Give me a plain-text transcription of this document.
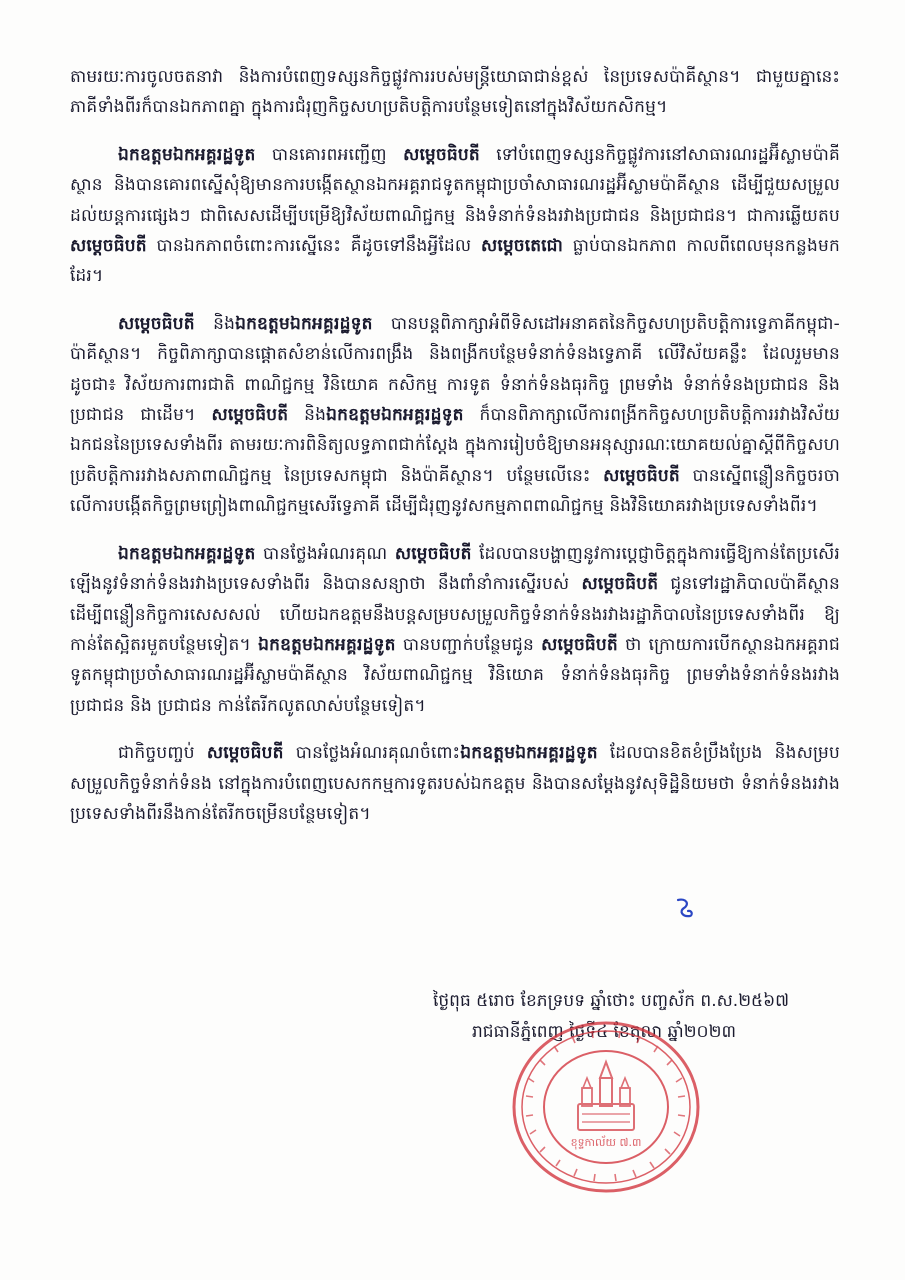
តាមរយៈការចូលចតនាវា និងការបំពេញទស្សនកិច្ចផ្លូវការរបស់មន្ត្រីយោធាជាន់ខ្ពស់ នៃប្រទេសប៉ាគីស្ថាន។ ជាមួយគ្នានេះ ភាគីទាំងពីរក៏បានឯកភាពគ្នា ក្នុងការជំរុញកិច្ចសហប្រតិបត្តិការបន្ថែមទៀតនៅក្នុងវិស័យកសិកម្ម។

ឯកឧត្តមឯកអគ្គរដ្ឋទូត បានគោរពអញ្ជើញ សម្តេចធិបតី ទៅបំពេញទស្សនកិច្ចផ្លូវការនៅសាធារណរដ្ឋអ៊ីស្លាមប៉ាគីស្ថាន និងបានគោរពស្នើសុំឱ្យមានការបង្កើតស្ថានឯកអគ្គរាជទូតកម្ពុជាប្រចាំសាធារណរដ្ឋអ៊ីស្លាមប៉ាគីស្ថាន ដើម្បីជួយសម្រួលដល់យន្តការផ្សេងៗ ជាពិសេសដើម្បីបម្រើឱ្យវិស័យពាណិជ្ជកម្ម និងទំនាក់ទំនងរវាងប្រជាជន និងប្រជាជន។ ជាការឆ្លើយតប សម្តេចធិបតី បានឯកភាពចំពោះការស្នើនេះ គឺដូចទៅនឹងអ្វីដែល សម្តេចតេជោ ធ្លាប់បានឯកភាព កាលពីពេលមុនកន្លងមកដែរ។

សម្តេចធិបតី និងឯកឧត្តមឯកអគ្គរដ្ឋទូត បានបន្តពិភាក្សាអំពីទិសដៅអនាគតនៃកិច្ចសហប្រតិបត្តិការទ្វេភាគីកម្ពុជា-ប៉ាគីស្ថាន។ កិច្ចពិភាក្សាបានផ្តោតសំខាន់លើការពង្រឹង និងពង្រីកបន្ថែមទំនាក់ទំនងទ្វេភាគី លើវិស័យគន្លឹះ ដែលរួមមាន ដូចជា៖ វិស័យការពារជាតិ ពាណិជ្ជកម្ម វិនិយោគ កសិកម្ម ការទូត ទំនាក់ទំនងធុរកិច្ច ព្រមទាំង ទំនាក់ទំនងប្រជាជន និងប្រជាជន ជាដើម។ សម្តេចធិបតី និងឯកឧត្តមឯកអគ្គរដ្ឋទូត ក៏បានពិភាក្សាលើការពង្រីកកិច្ចសហប្រតិបត្តិការរវាងវិស័យឯកជននៃប្រទេសទាំងពីរ តាមរយៈការពិនិត្យលទ្ធភាពជាក់ស្តែង ក្នុងការរៀបចំឱ្យមានអនុស្សារណៈយោគយល់គ្នាស្តីពីកិច្ចសហប្រតិបត្តិការរវាងសភាពាណិជ្ជកម្ម នៃប្រទេសកម្ពុជា និងប៉ាគីស្ថាន។ បន្ថែមលើនេះ សម្តេចធិបតី បានស្នើពន្លឿនកិច្ចចរចាលើការបង្កើតកិច្ចព្រមព្រៀងពាណិជ្ជកម្មសេរីទ្វេភាគី ដើម្បីជំរុញនូវសកម្មភាពពាណិជ្ជកម្ម និងវិនិយោគរវាងប្រទេសទាំងពីរ។

ឯកឧត្តមឯកអគ្គរដ្ឋទូត បានថ្លែងអំណរគុណ សម្តេចធិបតី ដែលបានបង្ហាញនូវការប្តេជ្ញាចិត្តក្នុងការធ្វើឱ្យកាន់តែប្រសើរឡើងនូវទំនាក់ទំនងរវាងប្រទេសទាំងពីរ និងបានសន្យាថា នឹងពាំនាំការស្នើរបស់ សម្តេចធិបតី ជូនទៅរដ្ឋាភិបាលប៉ាគីស្ថាន ដើម្បីពន្លឿនកិច្ចការសេសសល់ ហើយឯកឧត្តមនឹងបន្តសម្របសម្រួលកិច្ចទំនាក់ទំនងរវាងរដ្ឋាភិបាលនៃប្រទេសទាំងពីរ ឱ្យកាន់តែស្អិតរមួតបន្ថែមទៀត។ ឯកឧត្តមឯកអគ្គរដ្ឋទូត បានបញ្ជាក់បន្ថែមជូន សម្តេចធិបតី ថា ក្រោយការបើកស្ថានឯកអគ្គរាជទូតកម្ពុជាប្រចាំសាធារណរដ្ឋអ៊ីស្លាមប៉ាគីស្ថាន វិស័យពាណិជ្ជកម្ម វិនិយោគ ទំនាក់ទំនងធុរកិច្ច ព្រមទាំងទំនាក់ទំនងរវាងប្រជាជន និង ប្រជាជន កាន់តែរីកលូតលាស់បន្ថែមទៀត។

ជាកិច្ចបញ្ចប់ សម្តេចធិបតី បានថ្លែងអំណរគុណចំពោះឯកឧត្តមឯកអគ្គរដ្ឋទូត ដែលបានខិតខំប្រឹងប្រែង និងសម្របសម្រួលកិច្ចទំនាក់ទំនង នៅក្នុងការបំពេញបេសកកម្មការទូតរបស់ឯកឧត្តម និងបានសម្តែងនូវសុទិដ្ឋិនិយមថា ទំនាក់ទំនងរវាងប្រទេសទាំងពីរនឹងកាន់តែរីកចម្រើនបន្ថែមទៀត។

ថ្ងៃពុធ ៥រោច ខែភទ្របទ ឆ្នាំថោះ បញ្ចស័ក ព.ស.២៥៦៧
រាជធានីភ្នំពេញ ថ្ងៃទី៤ ខែតុលា ឆ្នាំ២០២៣
ខុទ្ទកាល័យ ៧.៣
